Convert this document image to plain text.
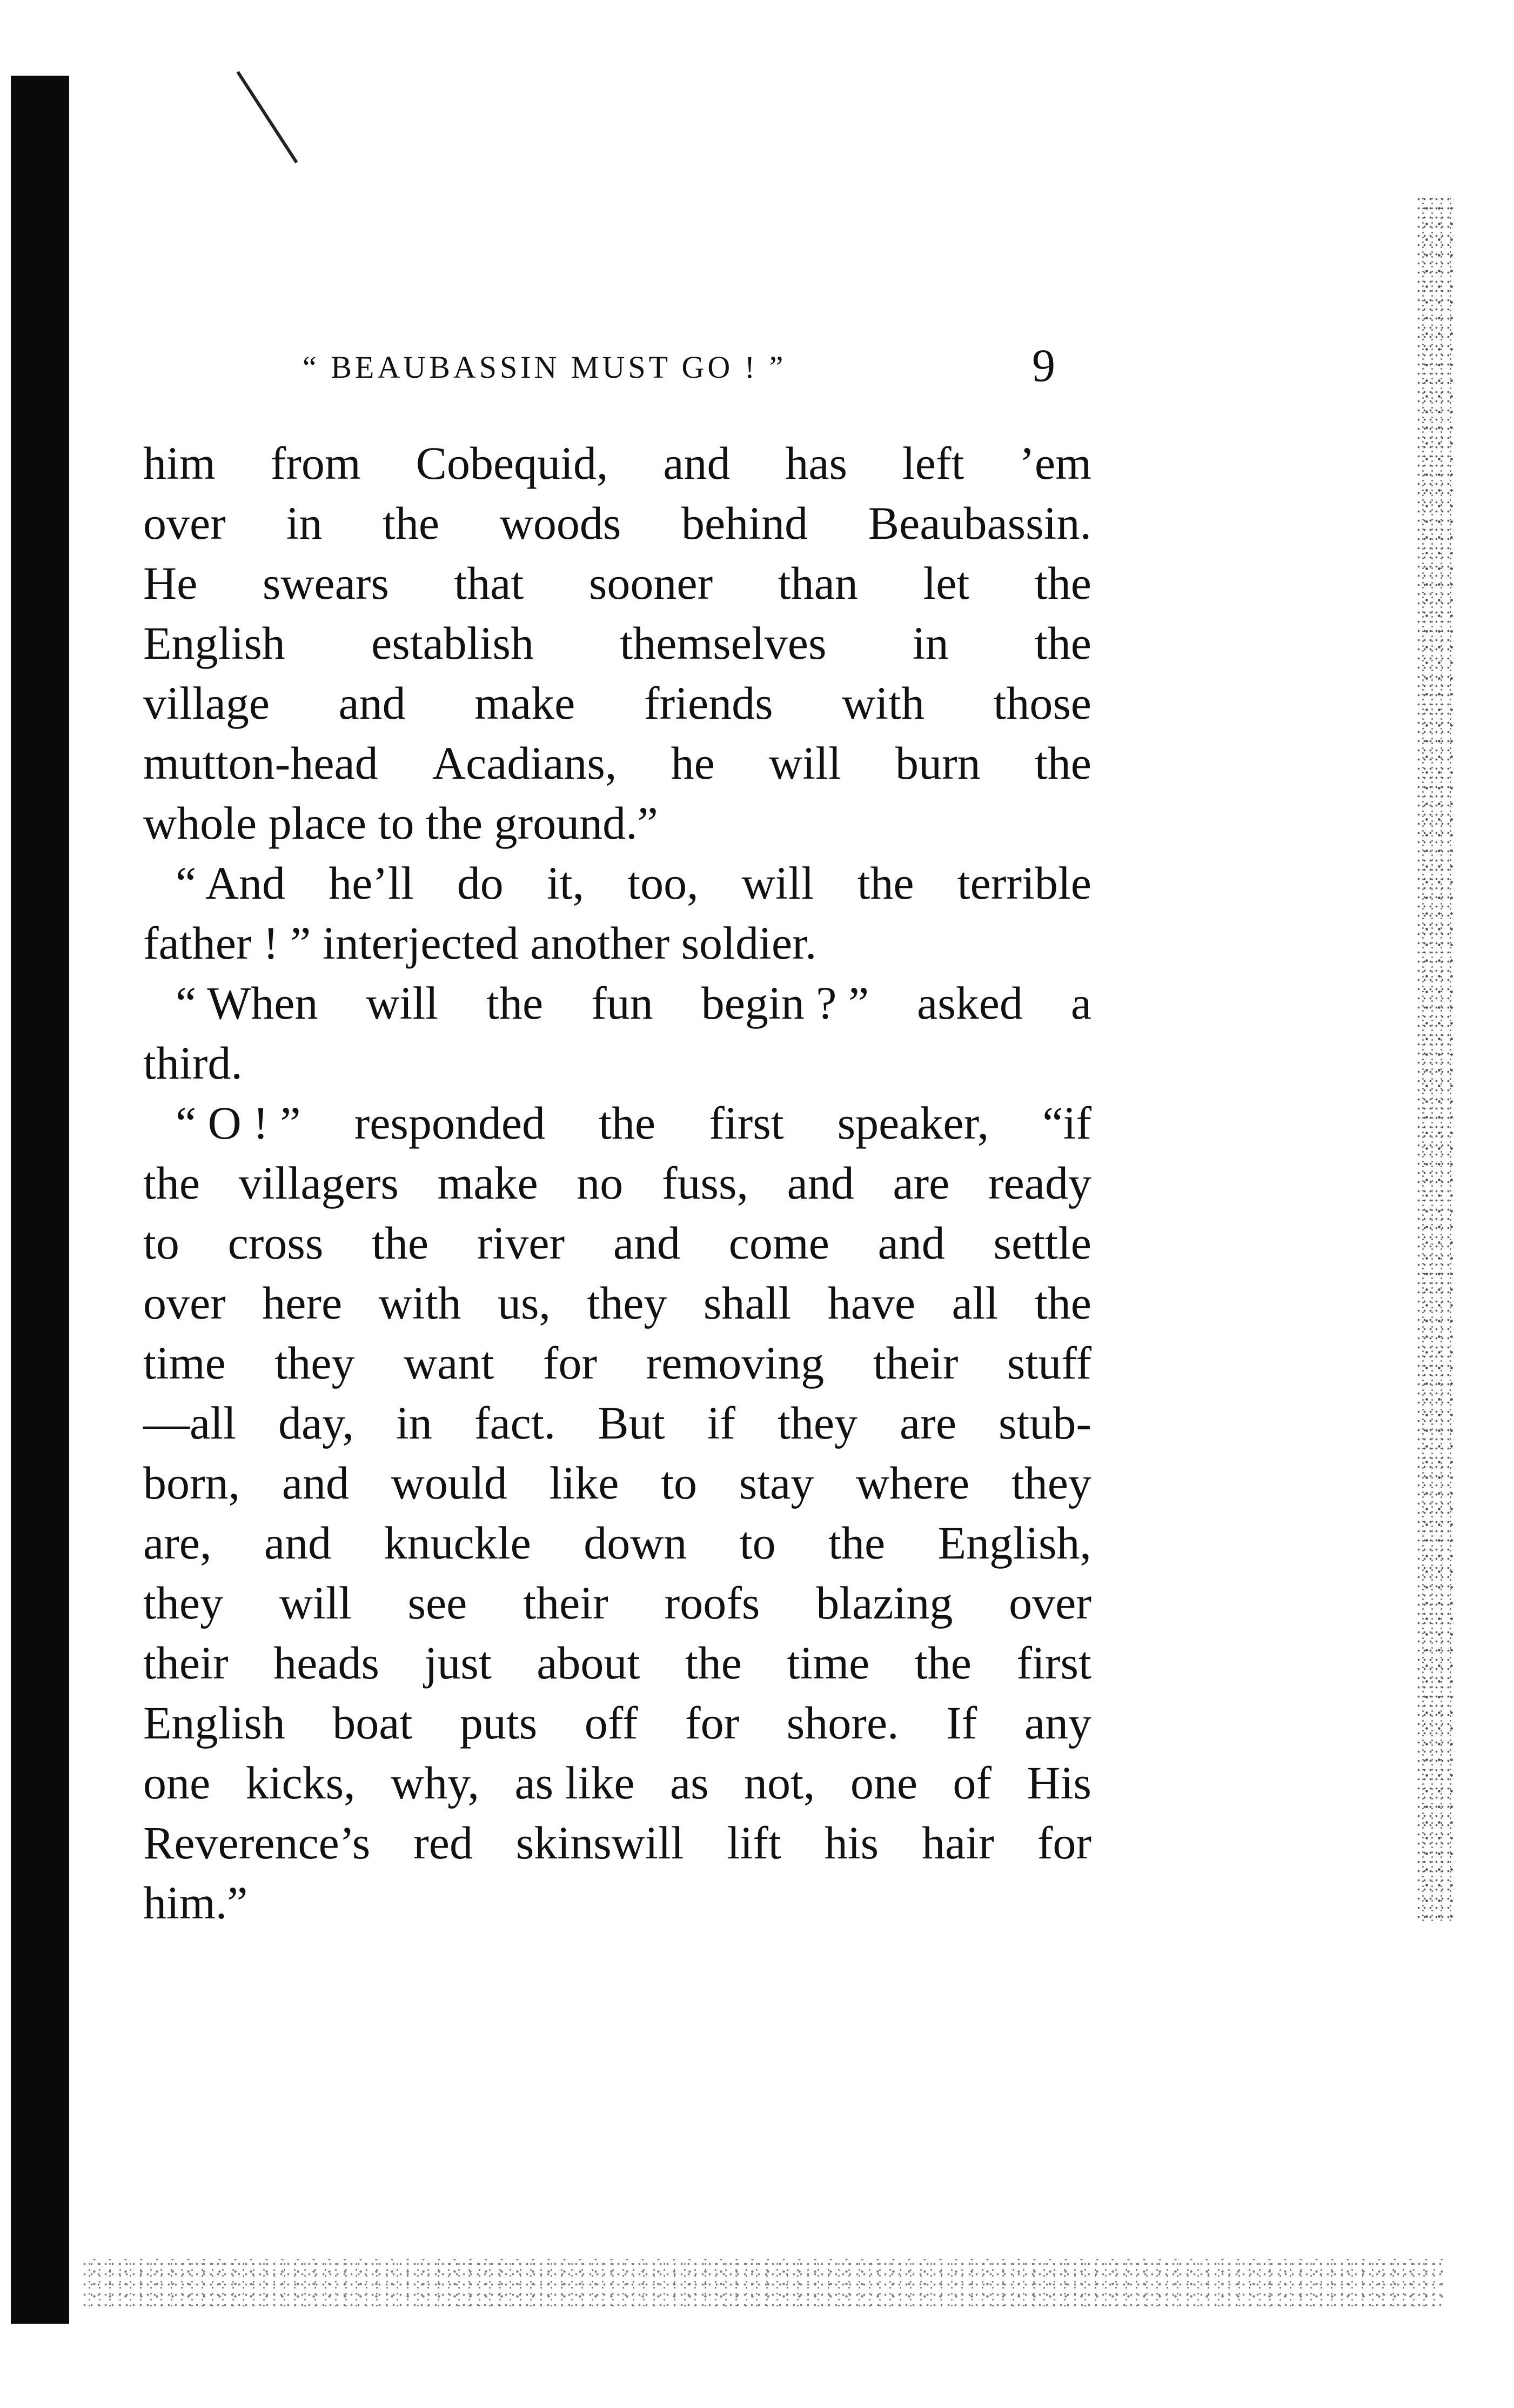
“ BEAUBASSIN MUST GO ! ”	9
him from Cobequid, and has left ’em
over in the woods behind Beaubassin.
He swears that sooner than let the
English establish themselves in the
village and make friends with those
mutton-head Acadians, he will burn the
whole place to the ground.”
“ And he’ll do it, too, will the terrible
father ! ” interjected another soldier.
“ When will the fun begin ? ” asked a
third.
“ O ! ” responded the first speaker, “if
the villagers make no fuss, and are ready
to cross the river and come and settle
over here with us, they shall have all the
time they want for removing their stuff
—all day, in fact. But if they are stub-
born, and would like to stay where they
are, and knuckle down to the English,
they will see their roofs blazing over
their heads just about the time the first
English boat puts off for shore. If any
one kicks, why, as like as not, one of His
Reverence’s red skinswill lift his hair for
him.”
